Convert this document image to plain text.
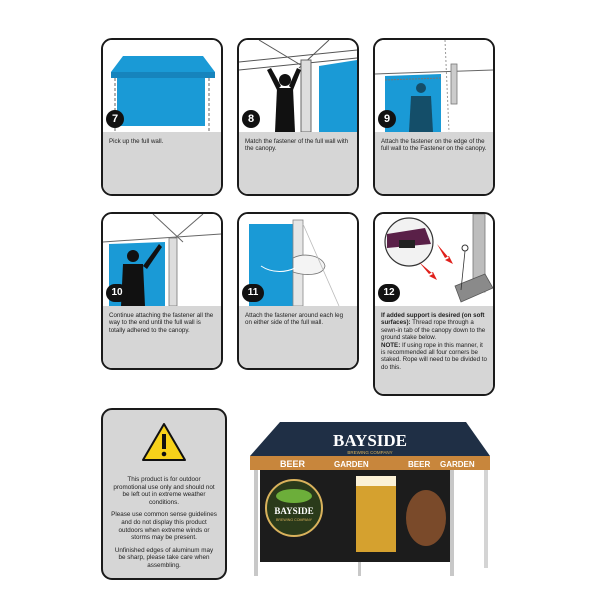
7
Pick up the full wall.
8
Match the fastener of the full wall with the canopy.
9
Attach the fastener on the edge of the full wall to the Fastener on the canopy.
10
Continue attaching the fastener all the way to the end until the full wall is totally adhered to the canopy.
11
Attach the fastener around each leg on either side of the full wall.
12
If added support is desired (on soft surfaces): Thread rope through a sewn-in tab of the canopy down to the ground stake below.
NOTE: If using rope in this manner, it is recommended all four corners be staked. Rope will need to be divided to do this.

This product is for outdoor promotional use only and should not be left out in extreme weather conditions.

Please use common sense guidelines and do not display this product outdoors when extreme winds or storms may be present.

Unfinished edges of aluminum may be sharp, please take care when assembling.

BAYSIDE
BREWING COMPANY
BEER	GARDEN	BEER GARDEN
BAYSIDE
BREWING COMPANY
